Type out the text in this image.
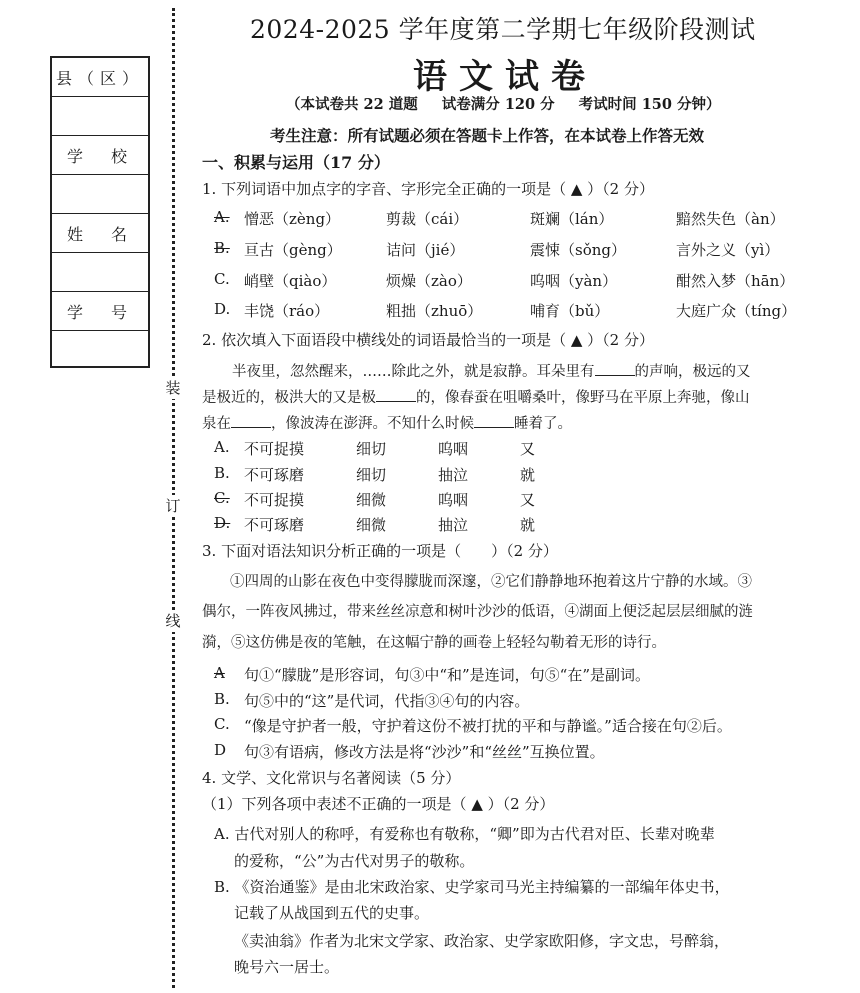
装
订
线
县（区）
学　校
姓　名
学　号
2024-2025 学年度第二学期七年级阶段测试
语文试卷
（本试卷共 22 道题 试卷满分 120 分 考试时间 150 分钟）
考生注意：所有试题必须在答题卡上作答，在本试卷上作答无效
一、积累与运用（17 分）
1. 下列词语中加点字的字音、字形完全正确的一项是（ ▲ ）（2 分）
A. 憎恶（zèng）	剪裁（cái）	斑斓（lán）	黯然失色（àn）
B. 亘古（gèng）	诘问（jié）	震悚（sǒng）	言外之义（yì）
C. 峭壁（qiào）	烦燥（zào）	呜咽（yàn）	酣然入梦（hān）
D. 丰饶（ráo）	粗拙（zhuō）	哺育（bǔ）	大庭广众（tíng）
2. 依次填入下面语段中横线处的词语最恰当的一项是（ ▲ ）（2 分）
半夜里，忽然醒来，……除此之外，就是寂静。耳朵里有	的声响，极远的又
是极近的，极洪大的又是极	的，像春蚕在咀嚼桑叶，像野马在平原上奔驰，像山
泉在	，像波涛在澎湃。不知什么时候	睡着了。
A. 不可捉摸	细切	呜咽	又
B. 不可琢磨	细切	抽泣	就
C. 不可捉摸	细微	呜咽	又
D. 不可琢磨	细微	抽泣	就
3. 下面对语法知识分析正确的一项是（　　）（2 分）
①四周的山影在夜色中变得朦胧而深邃，②它们静静地环抱着这片宁静的水域。③
偶尔，一阵夜风拂过，带来丝丝凉意和树叶沙沙的低语，④湖面上便泛起层层细腻的涟
漪，⑤这仿佛是夜的笔触，在这幅宁静的画卷上轻轻勾勒着无形的诗行。
A 句①“朦胧”是形容词，句③中“和”是连词，句⑤“在”是副词。
B. 句⑤中的“这”是代词，代指③④句的内容。
C. “像是守护者一般，守护着这份不被打扰的平和与静谧。”适合接在句②后。
D 句③有语病，修改方法是将“沙沙”和“丝丝”互换位置。
4. 文学、文化常识与名著阅读（5 分）
（1）下列各项中表述不正确的一项是（ ▲ ）（2 分）
A. 古代对别人的称呼，有爱称也有敬称，“卿”即为古代君对臣、长辈对晚辈
的爱称，“公”为古代对男子的敬称。
B. 《资治通鉴》是由北宋政治家、史学家司马光主持编纂的一部编年体史书，
记载了从战国到五代的史事。
《卖油翁》作者为北宋文学家、政治家、史学家欧阳修，字文忠，号醉翁，
晚号六一居士。
